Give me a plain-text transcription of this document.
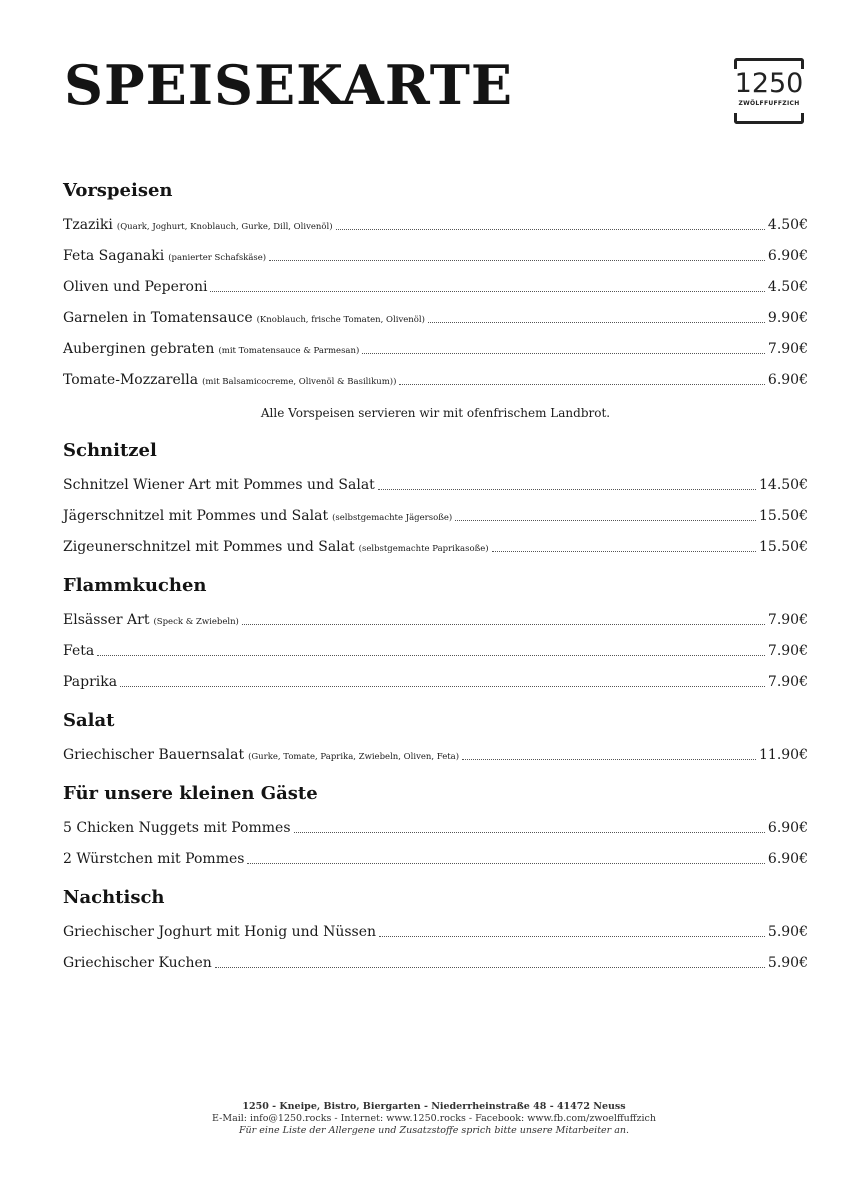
SPEISEKARTE	1250
ZWÖLFFUFFZICH
Vorspeisen
Tzaziki (Quark, Joghurt, Knoblauch, Gurke, Dill, Olivenöl)	4.50€
Feta Saganaki (panierter Schafskäse)	6.90€
Oliven und Peperoni	4.50€
Garnelen in Tomatensauce (Knoblauch, frische Tomaten, Olivenöl)	9.90€
Auberginen gebraten (mit Tomatensauce & Parmesan)	7.90€
Tomate-Mozzarella (mit Balsamicocreme, Olivenöl & Basilikum))	6.90€

Alle Vorspeisen servieren wir mit ofenfrischem Landbrot.

Schnitzel
Schnitzel Wiener Art mit Pommes und Salat	14.50€
Jägerschnitzel mit Pommes und Salat (selbstgemachte Jägersoße)	15.50€
Zigeunerschnitzel mit Pommes und Salat (selbstgemachte Paprikasoße)	15.50€
Flammkuchen
Elsässer Art (Speck & Zwiebeln)	7.90€
Feta	7.90€
Paprika	7.90€
Salat
Griechischer Bauernsalat (Gurke, Tomate, Paprika, Zwiebeln, Oliven, Feta)	11.90€
Für unsere kleinen Gäste
5 Chicken Nuggets mit Pommes	6.90€
2 Würstchen mit Pommes	6.90€
Nachtisch
Griechischer Joghurt mit Honig und Nüssen	5.90€
Griechischer Kuchen	5.90€
1250 - Kneipe, Bistro, Biergarten - Niederrheinstraße 48 - 41472 Neuss
E-Mail: info@1250.rocks - Internet: www.1250.rocks - Facebook: www.fb.com/zwoelffuffzich
Für eine Liste der Allergene und Zusatzstoffe sprich bitte unsere Mitarbeiter an.
